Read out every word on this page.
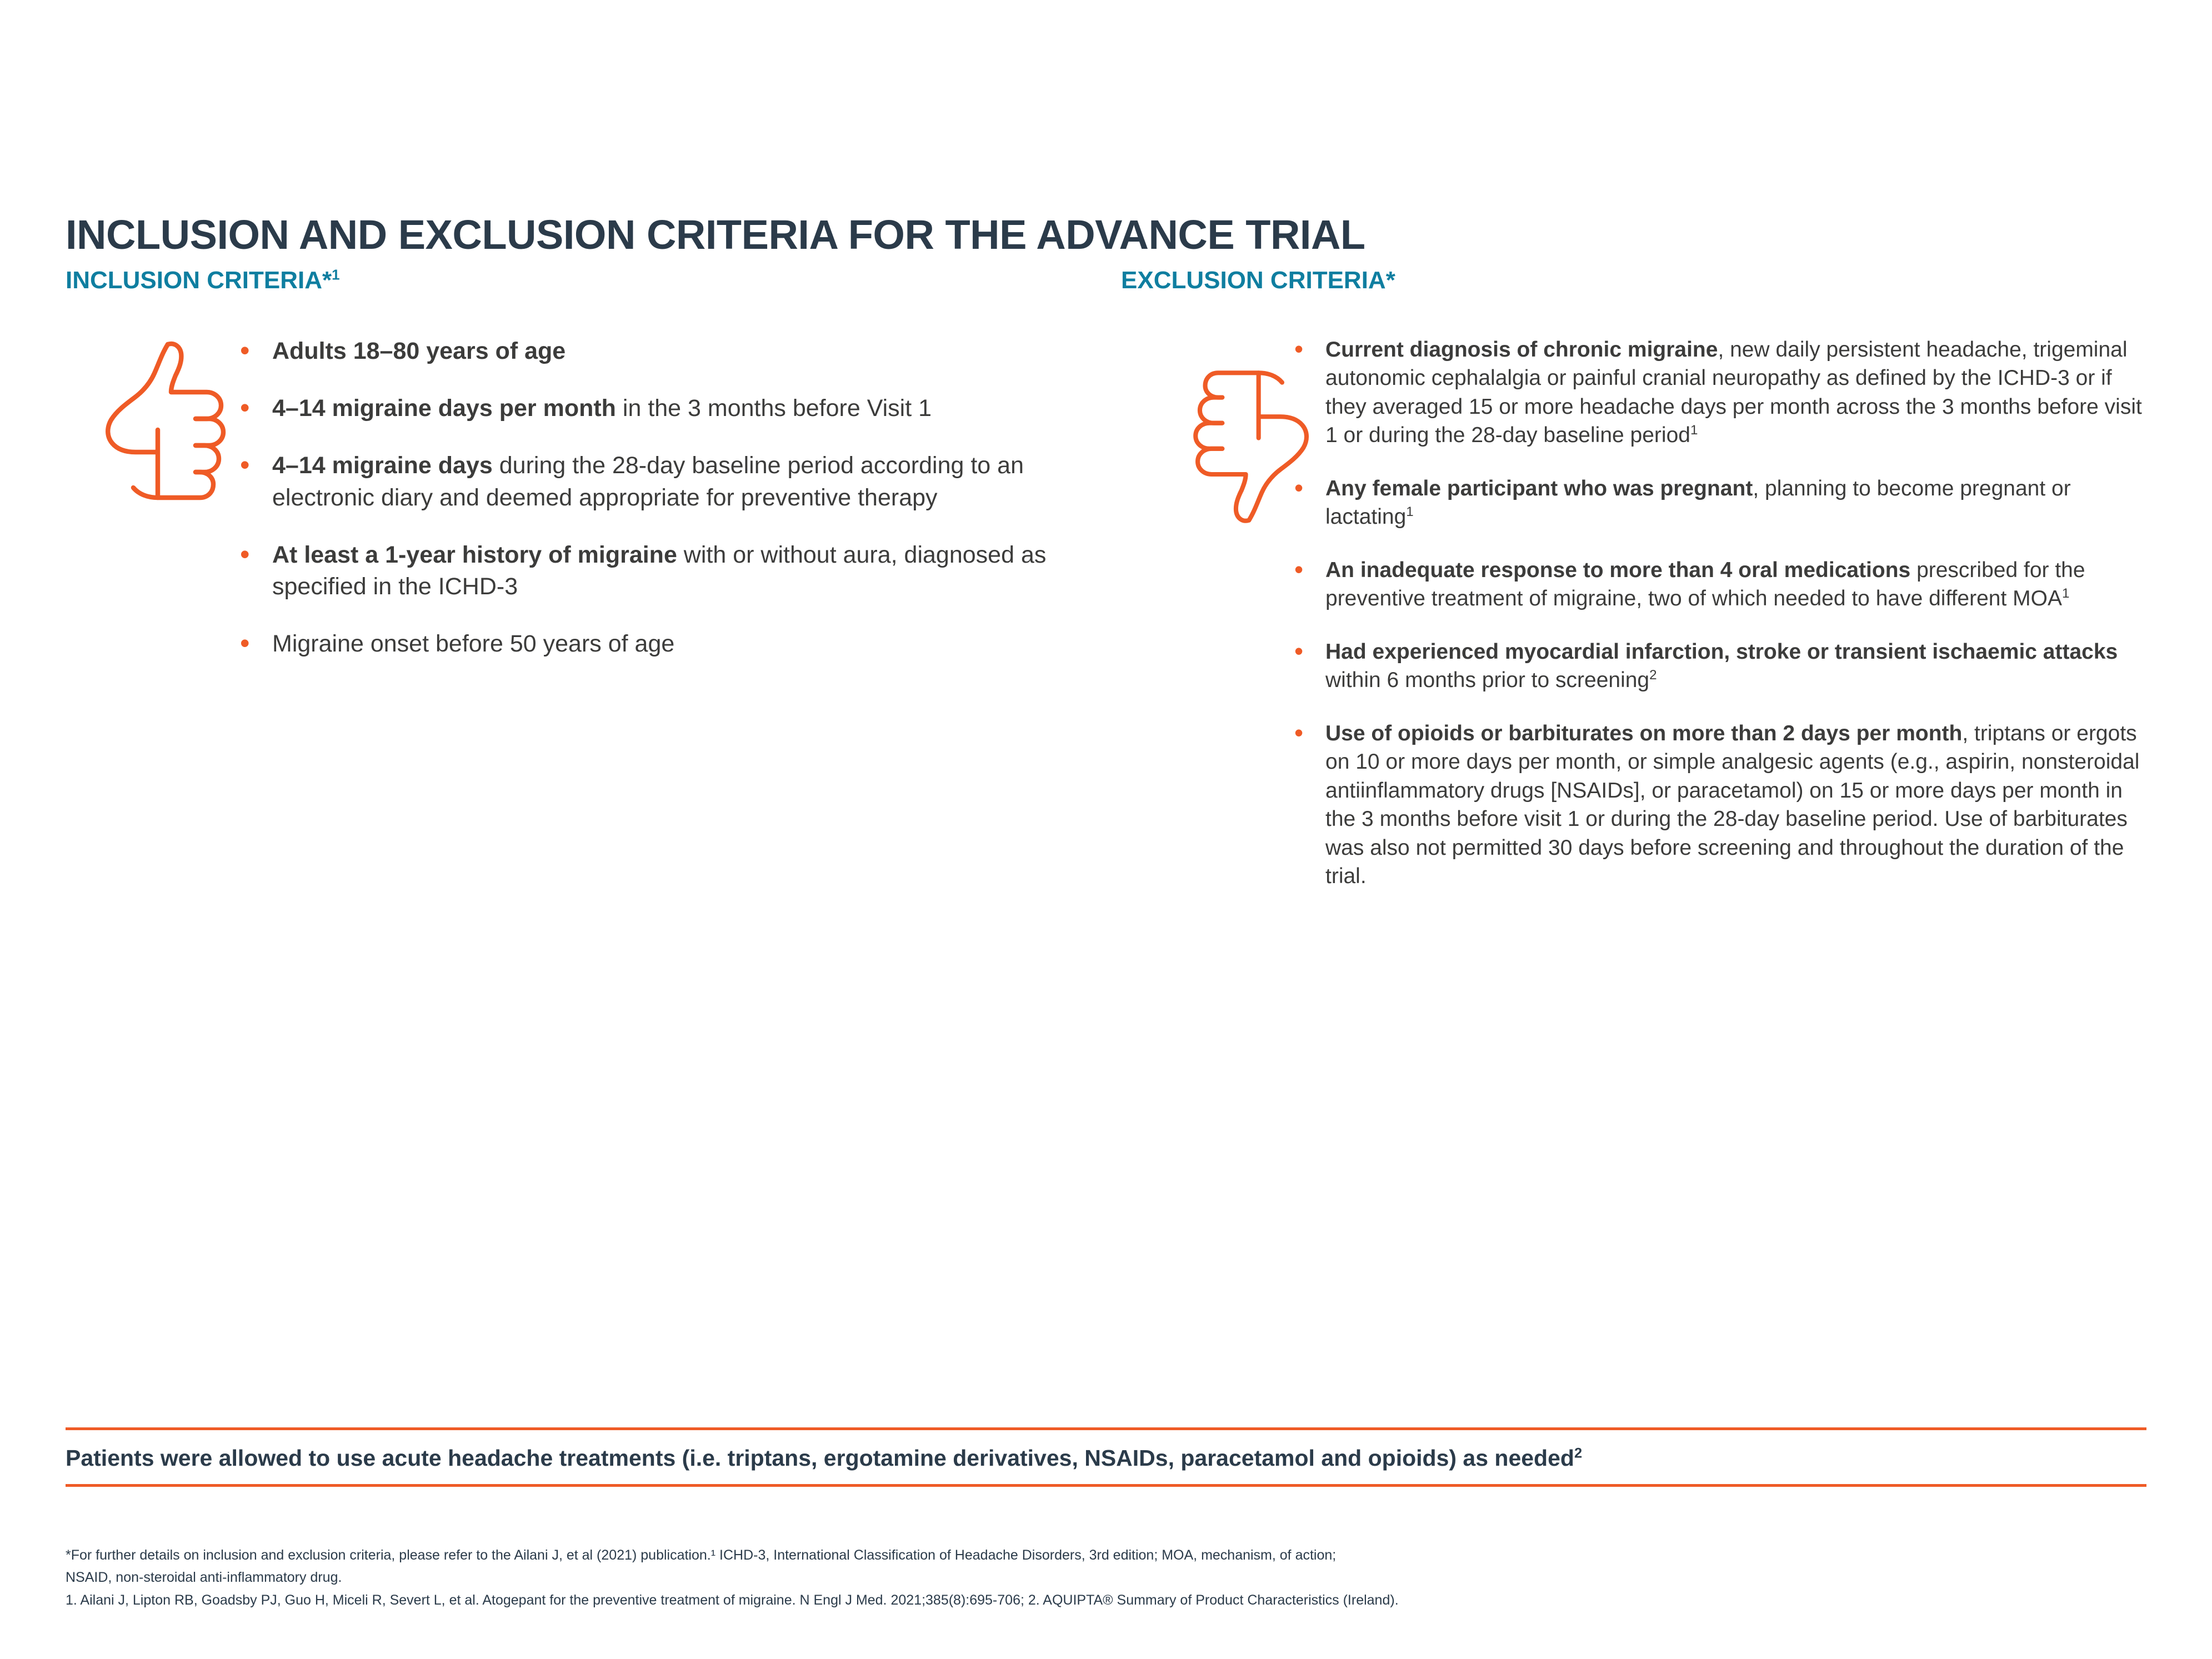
INCLUSION AND EXCLUSION CRITERIA FOR THE ADVANCE TRIAL
INCLUSION CRITERIA*$^1$
• Adults 18–80 years of age
• 4–14 migraine days per month in the 3 months before Visit 1
• 4–14 migraine days during the 28-day baseline period according to an electronic diary and deemed appropriate for preventive therapy
• At least a 1-year history of migraine with or without aura, diagnosed as specified in the ICHD-3
• Migraine onset before 50 years of age
EXCLUSION CRITERIA*
• Current diagnosis of chronic migraine, new daily persistent headache, trigeminal autonomic cephalalgia or painful cranial neuropathy as defined by the ICHD-3 or if they averaged 15 or more headache days per month across the 3 months before visit 1 or during the 28-day baseline period$^1$
• Any female participant who was pregnant, planning to become pregnant or lactating$^1$
• An inadequate response to more than 4 oral medications prescribed for the preventive treatment of migraine, two of which needed to have different MOA$^1$
• Had experienced myocardial infarction, stroke or transient ischaemic attacks within 6 months prior to screening$^2$
• Use of opioids or barbiturates on more than 2 days per month, triptans or ergots on 10 or more days per month, or simple analgesic agents (e.g., aspirin, nonsteroidal antiinflammatory drugs [NSAIDs], or paracetamol) on 15 or more days per month in the 3 months before visit 1 or during the 28-day baseline period. Use of barbiturates was also not permitted 30 days before screening and throughout the duration of the trial.
Patients were allowed to use acute headache treatments (i.e. triptans, ergotamine derivatives, NSAIDs, paracetamol and opioids) as needed$^2$
*For further details on inclusion and exclusion criteria, please refer to the Ailani J, et al (2021) publication.¹ ICHD-3, International Classification of Headache Disorders, 3rd edition; MOA, mechanism, of action;
NSAID, non-steroidal anti-inflammatory drug.
1. Ailani J, Lipton RB, Goadsby PJ, Guo H, Miceli R, Severt L, et al. Atogepant for the preventive treatment of migraine. N Engl J Med. 2021;385(8):695-706; 2. AQUIPTA® Summary of Product Characteristics (Ireland).
